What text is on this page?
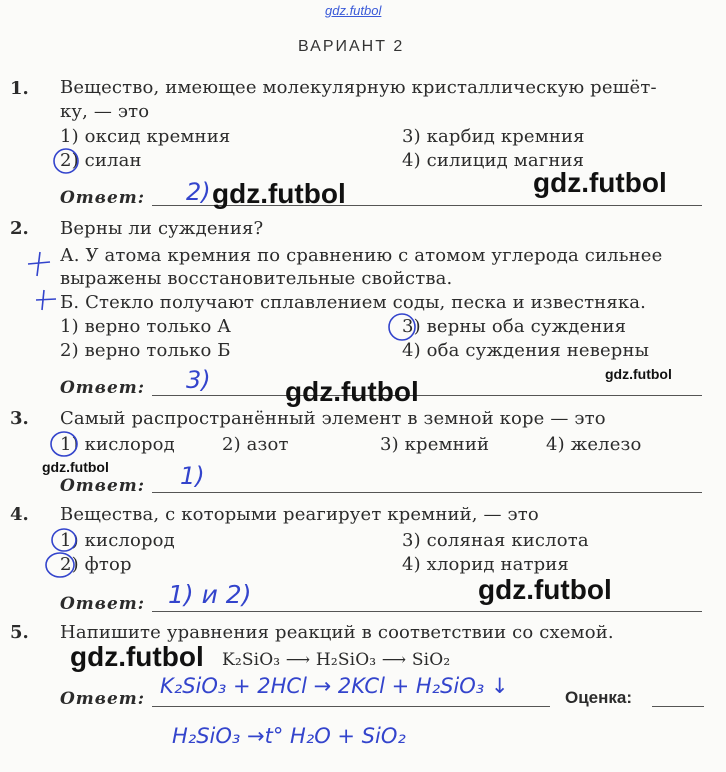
gdz.futbol
ВАРИАНТ 2
1. Вещество, имеющее молекулярную кристаллическую решёт-
ку, — это
1) оксид кремния
2) силан
3) карбид кремния
4) силицид магния
Ответ: 2) gdz.futbol	gdz.futbol
2. Верны ли суждения?
А. У атома кремния по сравнению с атомом углерода сильнее
выражены восстановительные свойства.
Б. Стекло получают сплавлением соды, песка и известняка.
1) верно только А
2) верно только Б
3) верны оба суждения
4) оба суждения неверны
Ответ: 3)	gdz.futbol
gdz.futbol
3. Самый распространённый элемент в земной коре — это
1) кислород	2) азот	3) кремний	4) железо
gdz.futbol
Ответ: 1)
4. Вещества, с которыми реагирует кремний, — это
1) кислород
2) фтор
3) соляная кислота
4) хлорид натрия
Ответ: 1) и 2)	gdz.futbol
5. Напишите уравнения реакций в соответствии со схемой.
gdz.futbol K₂SiO₃ ⟶ H₂SiO₃ ⟶ SiO₂
Ответ:	Оценка:
K₂SiO₃ + 2HCl → 2KCl + H₂SiO₃ ↓
H₂SiO₃ →t° H₂O + SiO₂
